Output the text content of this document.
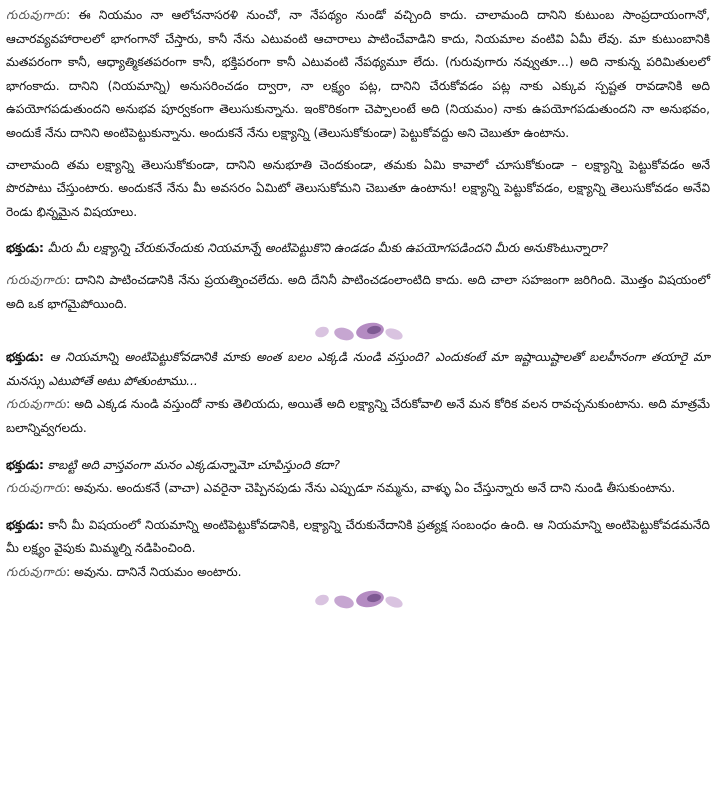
గురువుగారు: ఈ నియమం నా ఆలోచనాసరళి నుంచో, నా నేపథ్యం నుండో వచ్చింది కాదు. చాలామంది దానిని కుటుంబ సాంప్రదాయంగానో, ఆచారవ్యవహారాలలో భాగంగానో చేస్తారు, కానీ నేను ఎటువంటి ఆచారాలు పాటించేవాడిని కాదు, నియమాల వంటివి ఏమీ లేవు. మా కుటుంబానికి మతపరంగా కానీ, ఆధ్యాత్మికతపరంగా కానీ, భక్తిపరంగా కానీ ఎటువంటి నేపథ్యమూ లేదు. (గురువుగారు నవ్వుతూ...) అది నాకున్న పరిమితులలో భాగంకాదు. దానిని (నియమాన్ని) అనుసరించడం ద్వారా, నా లక్ష్యం పట్ల, దానిని చేరుకోవడం పట్ల నాకు ఎక్కువ స్పష్టత రావడానికి అది ఉపయోగపడుతుందని అనుభవ పూర్వకంగా తెలుసుకున్నాను. ఇంకొరికంగా చెప్పాలంటే అది (నియమం) నాకు ఉపయోగపడుతుందని నా అనుభవం, అందుకే నేను దానిని అంటిపెట్టుకున్నాను. అందుకనే నేను లక్ష్యాన్ని (తెలుసుకోకుండా) పెట్టుకోవద్దు అని చెబుతూ ఉంటాను.

చాలామంది తమ లక్ష్యాన్ని తెలుసుకోకుండా, దానిని అనుభూతి చెందకుండా, తమకు ఏమి కావాలో చూసుకోకుండా – లక్ష్యాన్ని పెట్టుకోవడం అనే పొరపాటు చేస్తుంటారు. అందుకనే నేను మీ అవసరం ఏమిటో తెలుసుకోమని చెబుతూ ఉంటాను! లక్ష్యాన్ని పెట్టుకోవడం, లక్ష్యాన్ని తెలుసుకోవడం అనేవి రెండు భిన్నమైన విషయాలు.

భక్తుడు: మీరు మీ లక్ష్యాన్ని చేరుకునేందుకు నియమాన్నే అంటిపెట్టుకొని ఉండడం మీకు ఉపయోగపడిందని మీరు అనుకొంటున్నారా?

గురువుగారు: దానిని పాటించడానికి నేను ప్రయత్నించలేదు. అది దేనినీ పాటించడంలాంటిది కాదు. అది చాలా సహజంగా జరిగింది. మొత్తం విషయంలో అది ఒక భాగమైపోయింది.

భక్తుడు: ఆ నియమాన్ని అంటిపెట్టుకోవడానికి మాకు అంత బలం ఎక్కడి నుండి వస్తుంది? ఎందుకంటే మా ఇష్టాయిష్టాలతో బలహీనంగా తయారై మా మనస్సు ఎటుపోతే అటు పోతుంటాము...

గురువుగారు: అది ఎక్కడ నుండి వస్తుందో నాకు తెలియదు, అయితే అది లక్ష్యాన్ని చేరుకోవాలి అనే మన కోరిక వలన రావచ్చనుకుంటాను. అది మాత్రమే బలాన్నివ్వగలదు.

భక్తుడు: కాబట్టి అది వాస్తవంగా మనం ఎక్కడున్నామో చూపిస్తుంది కదా?

గురువుగారు: అవును. అందుకనే (వాచా) ఎవరైనా చెప్పినపుడు నేను ఎప్పుడూ నమ్మను, వాళ్ళు ఏం చేస్తున్నారు అనే దాని నుండి తీసుకుంటాను.

భక్తుడు: కానీ మీ విషయంలో నియమాన్ని అంటిపెట్టుకోవడానికి, లక్ష్యాన్ని చేరుకునేదానికి ప్రత్యక్ష సంబంధం ఉంది. ఆ నియమాన్ని అంటిపెట్టుకోవడమనేది మీ లక్ష్యం వైపుకు మిమ్మల్ని నడిపించింది.

గురువుగారు: అవును. దానినే నియమం అంటారు.
